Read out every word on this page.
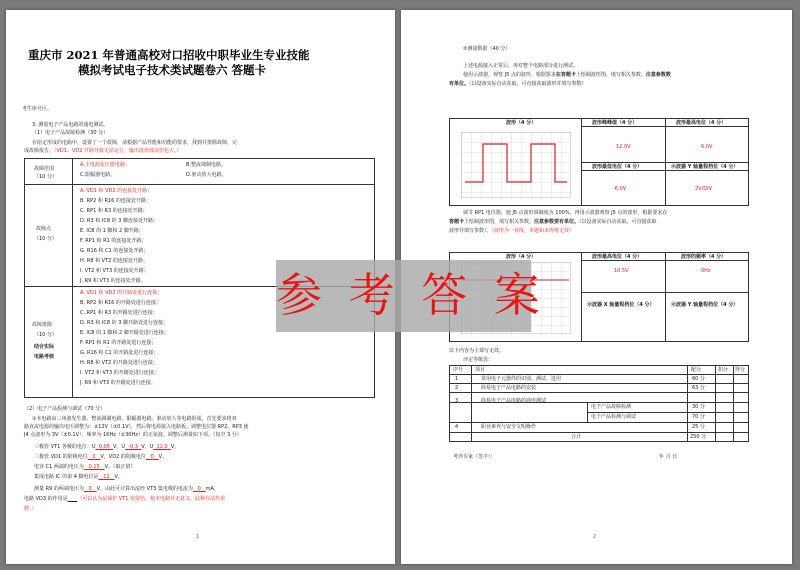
重庆市 2021 年普通高校对口招收中职毕业生专业技能
模拟考试电子技术类试题卷六 答题卡
考生座号区。
3. 测量电子产品电路的通电测试。
（1）电子产品故障检测（30 分）
在给定形成的电路中，设置了一个故障，请根据产品性能和功能的要求，找到并排除故障，完
成故障报告。（VD1、VD2 开路导致无法运行，输出波形波浪但也大。）
故障范围
（10 分）
A.主电源变压器电路；	B.整流调制电路。
C.限幅器电路。	D.驱动放大电路。
故障点
（10 分）
A. VD1 和 VD2 的连接处开路；
B. RP2 和 R16 的连接处开路；
C. RP1 和 R3 的连接处开路；
D. R3 和 IC8 的 3 脚连接处开路；
E. IC8 的 1 脚和 2 脚开路；
F. RP1 和 R1 的连接处开路；
G. R16 和 C1 的连接处开路；
H. R8 和 VT2 的连接处开路；
I. VT2 和 VT3 的连接处开路；
J. R9 和 VT3 的连接处开路。
故障排除
（10 分）
结合实际
电路考核
A. VD1 和 VD2 的开路处进行连接；
B. RP2 和 R16 的开路处进行连接；
C. RP1 和 R3 的开路处进行连接；
D. R3 和 IC8 的 3 脚开路处进行连接；
E. IC8 的 1 脚和 2 脚开路处进行连接；
F. RP1 和 R1 的开路处进行连接；
G. R16 和 C1 的开路处进行连接；
H. R8 和 VT2 的开路处进行连接；
I. VT2 和 VT3 的开路处进行连接；
J. R9 和 VT3 的开路处进行连接。
（2）电子产品检测与调试（70 分）
①本电路由三角波发生器、整流调制电路、限幅器电路、驱动放大等电路组成。首先要求将双
路直流电源的输出电压调整为：±12V（±0.1V），然后将电源接入电路板。调整电位器 RP2、RP3 使
J4 点波形为 3V（±0.1V），频率为 1KHz（±30Hz）的正弦波。调整后测量如下项。（每空 3 分）
三极管 VT1 各极的电位：U 0.05 V，U -0.3 V，U 12.0 V。
二极管 VD1 的阳极电位 0 V，VD2 的阴极电位 0 V。
电容 C1 两端的电压为 0.15 V。（取正值）
集成电路 IC 的第 4 脚电位是 12 V。
测量 R9 的两端电压为 0 V，由此可计算出流经 VT3 集电极的电流为 0 mA，
电路 VD3 的作用是 （可以认为是保护 VT1 发射结，使本电路并无意义，此种存法作需
移。）
1
②测量数据（40 分）
上述电源接入正常后，再对整个电路部分进行测试。
使用示波器，观察 J5 点的波形，根据要求在答题卡上绘制波形图，填写相关参数。注意参数数
有单位。（以设备实际自动获取，可直接获取波形并填写参数）
波形（4 分）	波形峰峰值（4 分）	波形最高电位（4 分）
12.0V	6.0V
波形最低电位（4 分）	示波器 Y 轴量程档位（4 分）
-6.0V	2V/DIV
调节 RP1 电位器，使 J5 点波形调制度为 100%，再用示波器观察 J5 点的波形，根据要求在
答题卡上绘制波形图，填写相关参数。注意参数要有单位。（以设备实际自动获取，可直接获取
波形并填写参数）。（波形为一直线，本题如未得将无效）
波形（4 分）	波形最高电位（4 分）	波形的频率（4 分）
10.5V	0Hz
示波器 X 轴量程档位（4 分）	示波器 Y 轴量程档位（4 分）
以下内容为主课写无效。
评定等级表：
序号 项目	配分	扣分 得分
1	常用电子元器件的识别、测试、选用	60 分
2	简易电子产品电路的安装	63 分
3	简易电子产品电路的通电测试
电子产品故障检测	30 分
电子产品检测与调试	70 分
4	职业素养与安全文明操作	25 分
合计	250 分
考评专家（签字）：	年 月 日
2
参 考 答 案
